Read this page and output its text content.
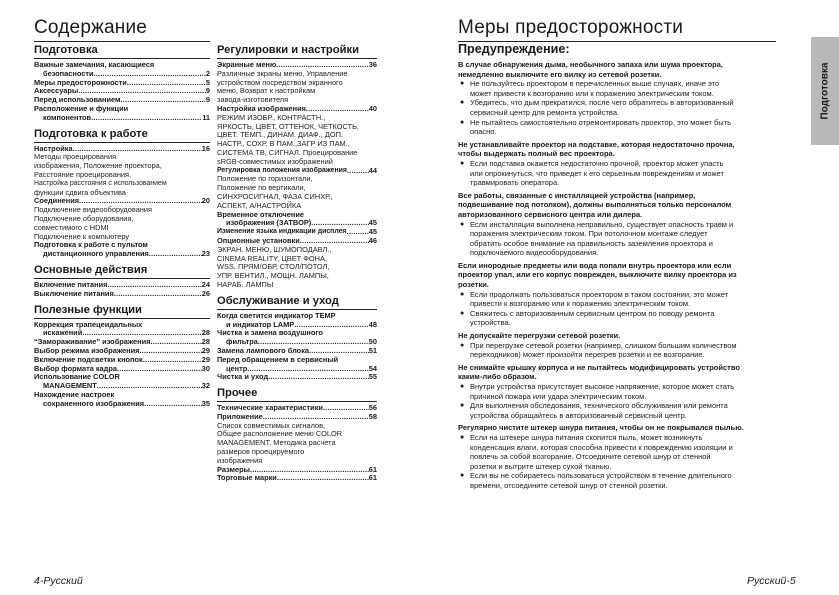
Содержание
Подготовка
Важные замечания, касающиеся
безопасности .....	2
Меры предосторожности .....	5
Аксессуары .....	9
Перед использованием .....	9
Расположение и функции
компонентов .....	11
Подготовка к работе
Настройка .....	16
Методы проецирования
изображения, Положение проектора,
Расстояние проецирования,
Настройка расстояния с использованием
функции сдвига объектива
Соединения .....	20
Подключение видеооборудования
Подключение оборудования,
совместимого с HDMI
Подключение к компьютеру
Подготовка к работе с пультом
дистанционного управления .....	23
Основные действия
Включение питания .....	24
Выключение питания .....	26
Полезные функции
Коррекция трапецеидальных
искажений .....	28
“Замораживание” изображения .....	28
Выбор режима изображения .....	29
Включение подсветки кнопок .....	29
Выбор формата кадра .....	30
Использование COLOR
MANAGEMENT .....	32
Нахождение настроек
сохраненного изображения .....	35
Регулировки и настройки
Экранные меню .....	36
Различные экраны меню, Управление
устройством посредством экранного
меню, Возврат к настройкам
завода-изготовителя
Настройка изображения .....	40
РЕЖИМ ИЗОБР., КОНТРАСТН.,
ЯРКОСТЬ, ЦВЕТ, ОТТЕНОК, ЧЕТКОСТЬ,
ЦВЕТ. ТЕМП., ДИНАМ. ДИАФ., ДОП.
НАСТР., СОХР. В ПАМ.,ЗАГР ИЗ ПАМ.,
СИСТЕМА ТВ, СИГНАЛ. Проецирование
sRGB-совместимых изображений
Регулировка положения изображения .....	44
Положение по горизонтали,
Положение по вертикали,
СИНХРОСИГНАЛ, ФАЗА СИНХР.,
АСПЕКТ, А/НАСТРОЙКА
Временное отключение
изображения (ЗАТВОР) .....	45
Изменение языка индикации дисплея .....	45
Опционные установки .....	46
ЭКРАН. МЕНЮ, ШУМОПОДАВЛ.,
CINEMA REALITY, ЦВЕТ ФОНА,
WSS, ПРЯМ/ОБР, СТОЛ/ПОТОЛ,
УПР. ВЕНТИЛ., МОЩН. ЛАМПЫ,
НАРАБ. ЛАМПЫ
Обслуживание и уход
Когда светится индикатор TEMP
и индикатор LAMP .....	48
Чистка и замена воздушного
фильтра .....	50
Замена лампового блока .....	51
Перед обращением в сервисный
центр .....	54
Чистка и уход .....	55
Прочее
Технические характеристики .....	56
Приложение .....	58
Список совместимых сигналов,
Общее расположение меню COLOR
MANAGEMENT, Методика расчета
размеров проецируемого
изображения
Размеры .....	61
Торговые марки .....	61
4-Русский
Меры предосторожности
Предупреждение:
В случае обнаружения дыма, необычного запаха или шума проектора,
немедленно выключите его вилку из сетевой розетки.
● Не пользуйтесь проектором в перечисленных выше случаях, иначе это
может привести к возгоранию или к поражению электрическим током.
● Убедитесь, что дым прекратился, после чего обратитесь в авторизованный
сервисный центр для ремонта устройства.
● Не пытайтесь самостоятельно отремонтировать проектор, это может быть
опасно.
Не устанавливайте проектор на подставке, которая недостаточно прочна,
чтобы выдержать полный вес проектора.
● Если подставка окажется недостаточно прочной, проектор может упасть
или опрокинуться, что приведет к его серьезным повреждениям и может
травмировать оператора.
Все работы, связанные с инсталляцией устройства (например,
подвешивание под потолком), должны выполняться только персоналом
авторизованного сервисного центра или дилера.
● Если инсталляция выполнена неправильно, существует опасность травм и
поражения электрическим током. При потолочном монтаже следует
обратить особое внимание на правильность заземления проектора и
подключаемого видеооборудования.
Если инородные предметы или вода попали внутрь проектора или если
проектор упал, или его корпус поврежден, выключите вилку проектора из
розетки.
● Если продолжать пользоваться проектором в таком состоянии, это может
привести к возгоранию или к поражению электрическим током.
● Свяжитесь с авторизованным сервисным центром по поводу ремонта
устройства.
Не допускайте перегрузки сетевой розетки.
● При перегрузке сетевой розетки (например, слишком большим количеством
переходников) может произойти перегрев розетки и ее возгорание.
Не снимайте крышку корпуса и не пытайтесь модифицировать устройство
каким-либо образом.
● Внутри устройства присутствует высокое напряжение, которое может стать
причиной пожара или удара электрическим током.
● Для выполнения обследования, технического обслуживания или ремонта
устройства обращайтесь в авторизованный сервисный центр.
Регулярно чистите штекер шнура питания, чтобы он не покрывался пылью.
● Если на штекере шнура питания скопится пыль, может возникнуть
конденсация влаги, которая способна привести к повреждению изоляции и
повлечь за собой возгорание. Отсоедините сетевой шнур от стенной
розетки и вытрите штекер сухой тканью.
● Если вы не собираетесь пользоваться устройством в течение длительного
времени, отсоедините сетевой шнур от стенной розетки.
Подготовка
Русский-5
